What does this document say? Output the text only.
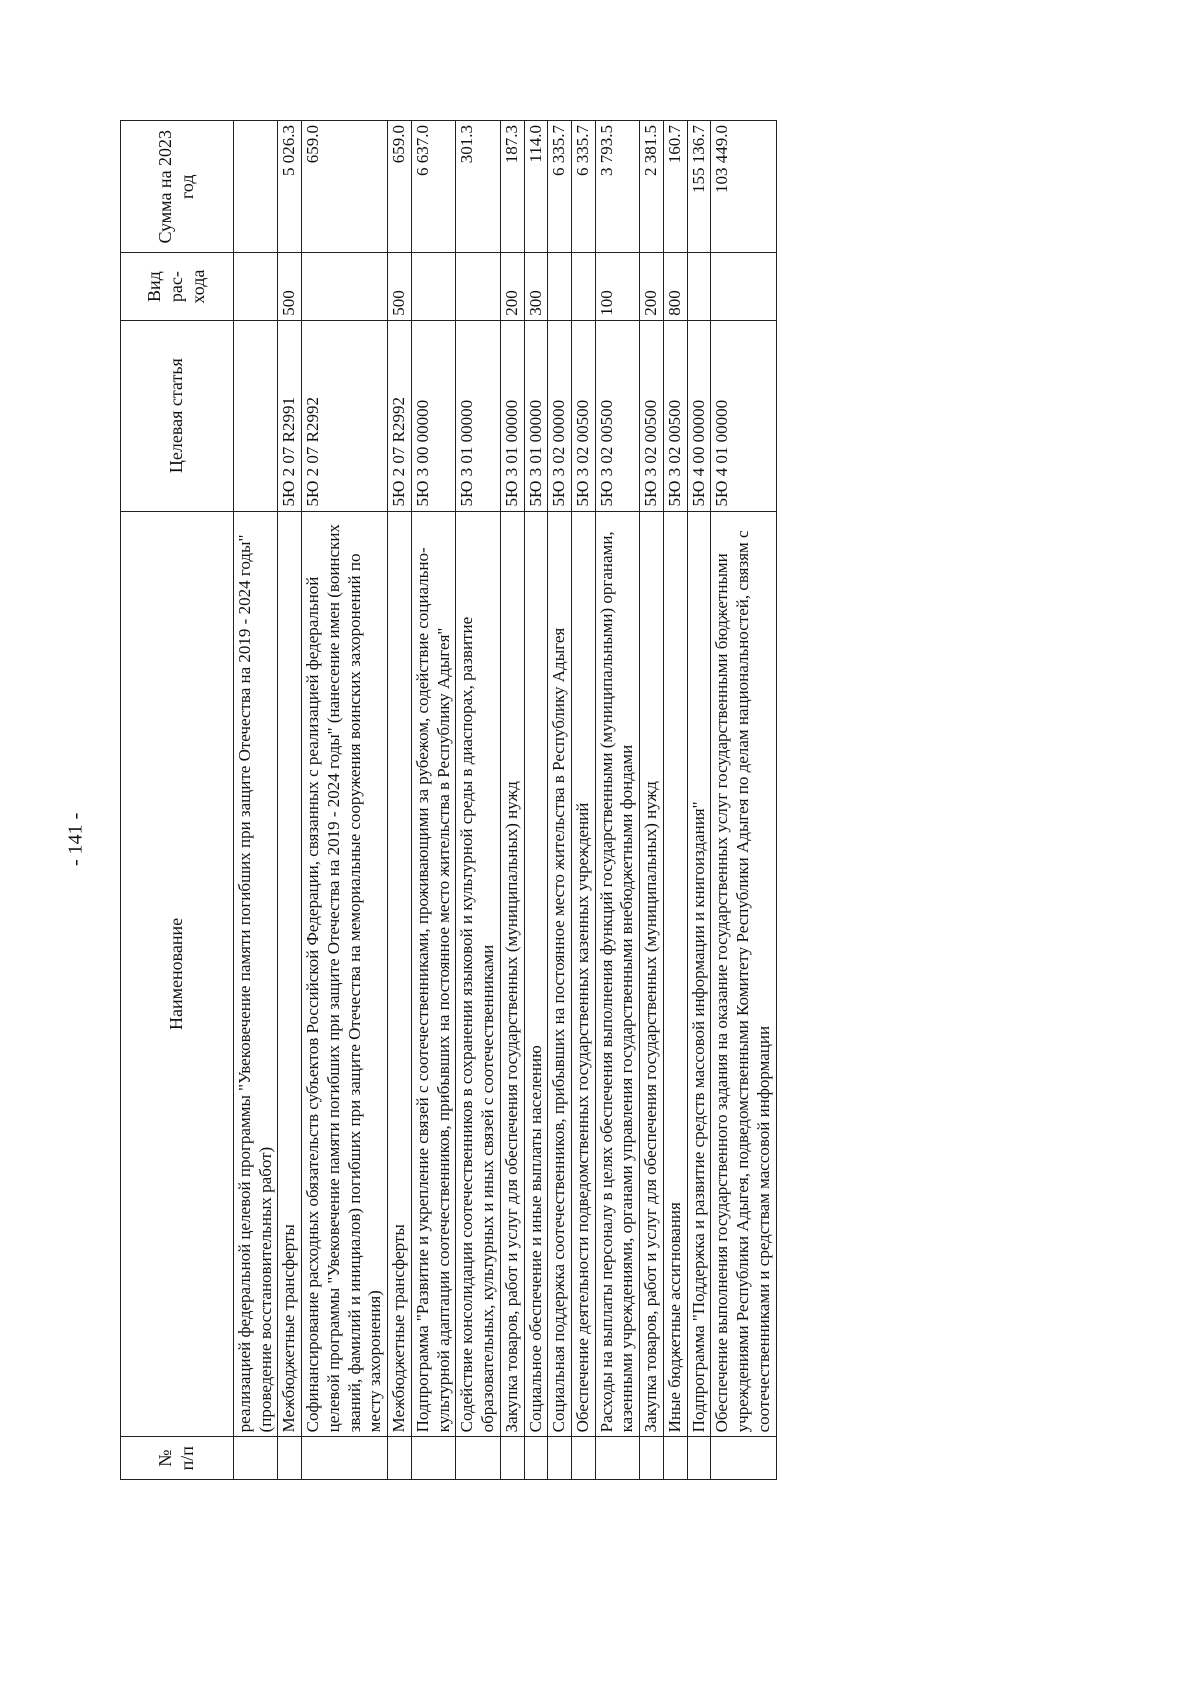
- 141 -
№ п/п	Наименование	Целевая статья	Вид рас- хода	Сумма на 2023 год
	реализацией федеральной целевой программы "Увековечение памяти погибших при защите Отечества на 2019 - 2024 годы" (проведение восстановительных работ)			
	Межбюджетные трансферты	5Ю 2 07 R2991	500	5 026.3
	Софинансирование расходных обязательств субъектов Российской Федерации, связанных с реализацией федеральной целевой программы "Увековечение памяти погибших при защите Отечества на 2019 - 2024 годы" (нанесение имен (воинских званий, фамилий и инициалов) погибших при защите Отечества на мемориальные сооружения воинских захоронений по месту захоронения)	5Ю 2 07 R2992		659.0
	Межбюджетные трансферты	5Ю 2 07 R2992	500	659.0
	Подпрограмма "Развитие и укрепление связей с соотечественниками, проживающими за рубежом, содействие социально-культурной адаптации соотечественников, прибывших на постоянное место жительства в Республику Адыгея"	5Ю 3 00 00000		6 637.0
	Содействие консолидации соотечественников в сохранении языковой и культурной среды в диаспорах, развитие образовательных, культурных и иных связей с соотечественниками	5Ю 3 01 00000		301.3
	Закупка товаров, работ и услуг для обеспечения государственных (муниципальных) нужд	5Ю 3 01 00000	200	187.3
	Социальное обеспечение и иные выплаты населению	5Ю 3 01 00000	300	114.0
	Социальная поддержка соотечественников, прибывших на постоянное место жительства в Республику Адыгея	5Ю 3 02 00000		6 335.7
	Обеспечение деятельности подведомственных государственных казенных учреждений	5Ю 3 02 00500		6 335.7
	Расходы на выплаты персоналу в целях обеспечения выполнения функций государственными (муниципальными) органами, казенными учреждениями, органами управления государственными внебюджетными фондами	5Ю 3 02 00500	100	3 793.5
	Закупка товаров, работ и услуг для обеспечения государственных (муниципальных) нужд	5Ю 3 02 00500	200	2 381.5
	Иные бюджетные ассигнования	5Ю 3 02 00500	800	160.7
	Подпрограмма "Поддержка и развитие средств массовой информации и книгоиздания"	5Ю 4 00 00000		155 136.7
	Обеспечение выполнения государственного задания на оказание государственных услуг государственными бюджетными учреждениями Республики Адыгея, подведомственными Комитету Республики Адыгея по делам национальностей, связям с соотечественниками и средствам массовой информации	5Ю 4 01 00000		103 449.0
